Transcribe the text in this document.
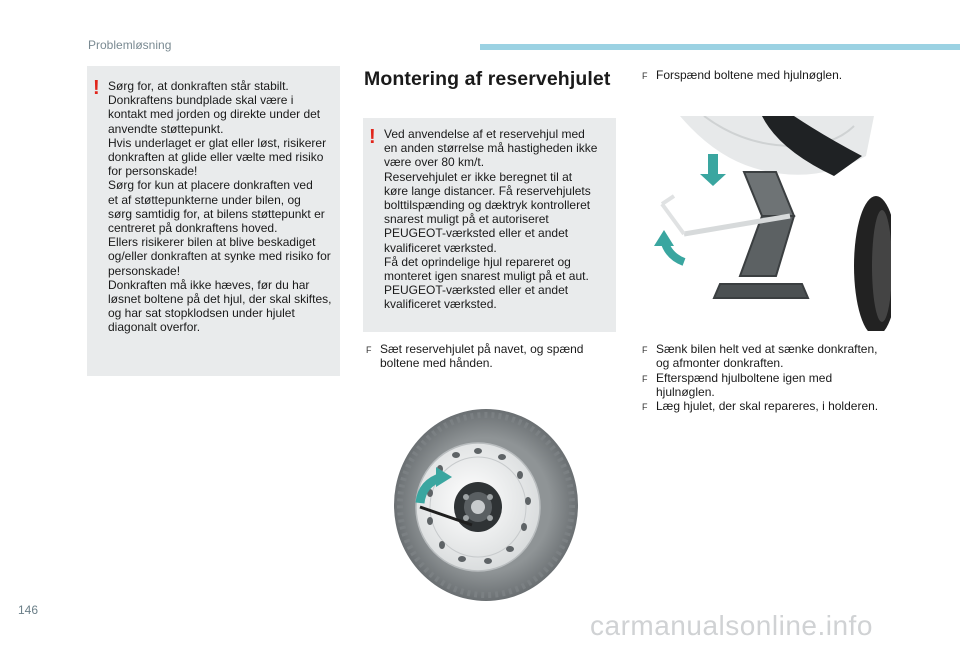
Problemløsning
! Sørg for, at donkraften står stabilt.
Donkraftens bundplade skal være i
kontakt med jorden og direkte under det
anvendte støttepunkt.
Hvis underlaget er glat eller løst, risikerer
donkraften at glide eller vælte med risiko
for personskade!
Sørg for kun at placere donkraften ved
et af støttepunkterne under bilen, og
sørg samtidig for, at bilens støttepunkt er
centreret på donkraftens hoved.
Ellers risikerer bilen at blive beskadiget
og/eller donkraften at synke med risiko for
personskade!
Donkraften må ikke hæves, før du har
løsnet boltene på det hjul, der skal skiftes,
og har sat stopklodsen under hjulet
diagonalt overfor.
Montering af reservehjulet
! Ved anvendelse af et reservehjul med
en anden størrelse må hastigheden ikke
være over 80 km/t.
Reservehjulet er ikke beregnet til at
køre lange distancer. Få reservehjulets
bolttilspænding og dæktryk kontrolleret
snarest muligt på et autoriseret
PEUGEOT-værksted eller et andet
kvalificeret værksted.
Få det oprindelige hjul repareret og
monteret igen snarest muligt på et aut.
PEUGEOT-værksted eller et andet
kvalificeret værksted.
F Sæt reservehjulet på navet, og spænd
boltene med hånden.
F Forspænd boltene med hjulnøglen.
F Sænk bilen helt ved at sænke donkraften,
og afmonter donkraften.
F Efterspænd hjulboltene igen med
hjulnøglen.
F Læg hjulet, der skal repareres, i holderen.
146	carmanualsonline.info
